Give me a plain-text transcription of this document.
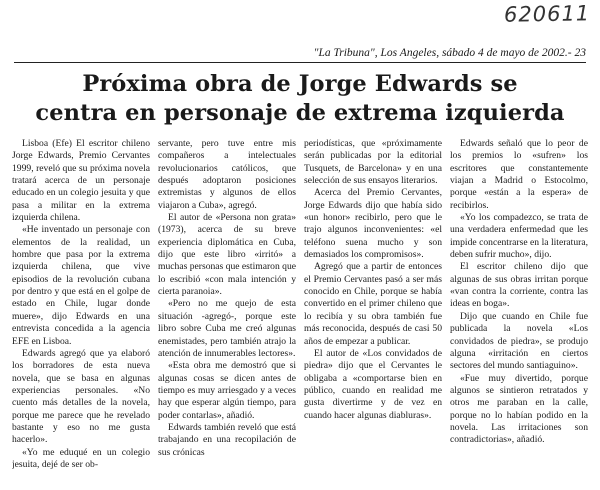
620611
"La Tribuna", Los Angeles, sábado 4 de mayo de 2002.- 23
Próxima obra de Jorge Edwards se
centra en personaje de extrema izquierda

Lisboa (Efe) El escritor chileno Jorge Edwards, Premio Cervantes 1999, reveló que su próxima novela tratará acerca de un personaje educado en un colegio jesuita y que pasa a militar en la extrema izquierda chilena.

«He inventado un personaje con elementos de la realidad, un hombre que pasa por la extrema izquierda chilena, que vive episodios de la revolución cubana por dentro y que está en el golpe de estado en Chile, lugar donde muere», dijo Edwards en una entrevista concedida a la agencia EFE en Lisboa.

Edwards agregó que ya elaboró los borradores de esta nueva novela, que se basa en algunas experiencias personales. «No cuento más detalles de la novela, porque me parece que he revelado bastante y eso no me gusta hacerlo».

«Yo me eduqué en un colegio jesuita, dejé de ser ob-

servante, pero tuve entre mis compañeros a intelectuales revolucionarios católicos, que después adoptaron posiciones extremistas y algunos de ellos viajaron a Cuba», agregó.

El autor de «Persona non grata» (1973), acerca de su breve experiencia diplomática en Cuba, dijo que este libro «irritó» a muchas personas que estimaron que lo escribió «con mala intención y cierta paranoia».

«Pero no me quejo de esta situación -agregó-, porque este libro sobre Cuba me creó algunas enemistades, pero también atrajo la atención de innumerables lectores».

«Esta obra me demostró que si algunas cosas se dicen antes de tiempo es muy arriesgado y a veces hay que esperar algún tiempo, para poder contarlas», añadió.

Edwards también reveló que está trabajando en una recopilación de sus crónicas

periodísticas, que «próximamente serán publicadas por la editorial Tusquets, de Barcelona» y en una selección de sus ensayos literarios.

Acerca del Premio Cervantes, Jorge Edwards dijo que había sido «un honor» recibirlo, pero que le trajo algunos inconvenientes: «el teléfono suena mucho y son demasiados los compromisos».

Agregó que a partir de entonces el Premio Cervantes pasó a ser más conocido en Chile, porque se había convertido en el primer chileno que lo recibía y su obra también fue más reconocida, después de casi 50 años de empezar a publicar.

El autor de «Los convidados de piedra» dijo que el Cervantes le obligaba a «comportarse bien en público, cuando en realidad me gusta divertirme y de vez en cuando hacer algunas diabluras».

Edwards señaló que lo peor de los premios lo «sufren» los escritores que constantemente viajan a Madrid o Estocolmo, porque «están a la espera» de recibirlos.

«Yo los compadezco, se trata de una verdadera enfermedad que les impide concentrarse en la literatura, deben sufrir mucho», dijo.

El escritor chileno dijo que algunas de sus obras irritan porque «van contra la corriente, contra las ideas en boga».

Dijo que cuando en Chile fue publicada la novela «Los convidados de piedra», se produjo alguna «irritación en ciertos sectores del mundo santiaguino».

«Fue muy divertido, porque algunos se sintieron retratados y otros me paraban en la calle, porque no lo habían podido en la novela. Las irritaciones son contradictorias», añadió.
